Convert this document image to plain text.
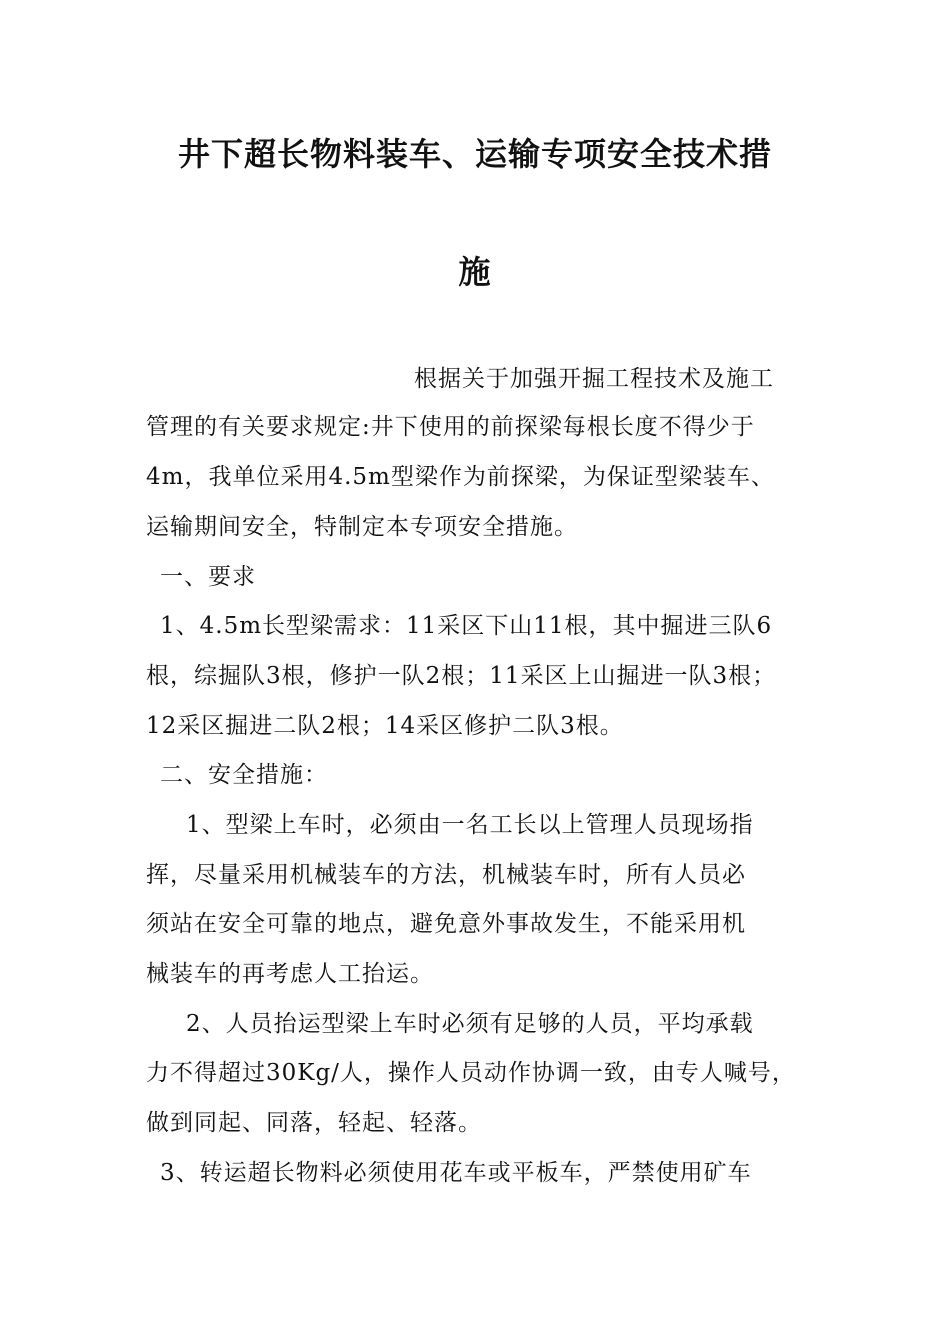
井下超长物料装车、运输专项安全技术措
施
根据关于加强开掘工程技术及施工
管理的有关要求规定:井下使用的前探梁每根长度不得少于
4m，我单位采用4.5m型梁作为前探梁，为保证型梁装车、
运输期间安全，特制定本专项安全措施。
一、要求
1、4.5m长型梁需求：11采区下山11根，其中掘进三队6
根，综掘队3根，修护一队2根；11采区上山掘进一队3根；
12采区掘进二队2根；14采区修护二队3根。
二、安全措施：
1、型梁上车时，必须由一名工长以上管理人员现场指
挥，尽量采用机械装车的方法，机械装车时，所有人员必
须站在安全可靠的地点，避免意外事故发生，不能采用机
械装车的再考虑人工抬运。
2、人员抬运型梁上车时必须有足够的人员，平均承载
力不得超过30Kg/人，操作人员动作协调一致，由专人喊号，
做到同起、同落，轻起、轻落。
3、转运超长物料必须使用花车或平板车，严禁使用矿车
